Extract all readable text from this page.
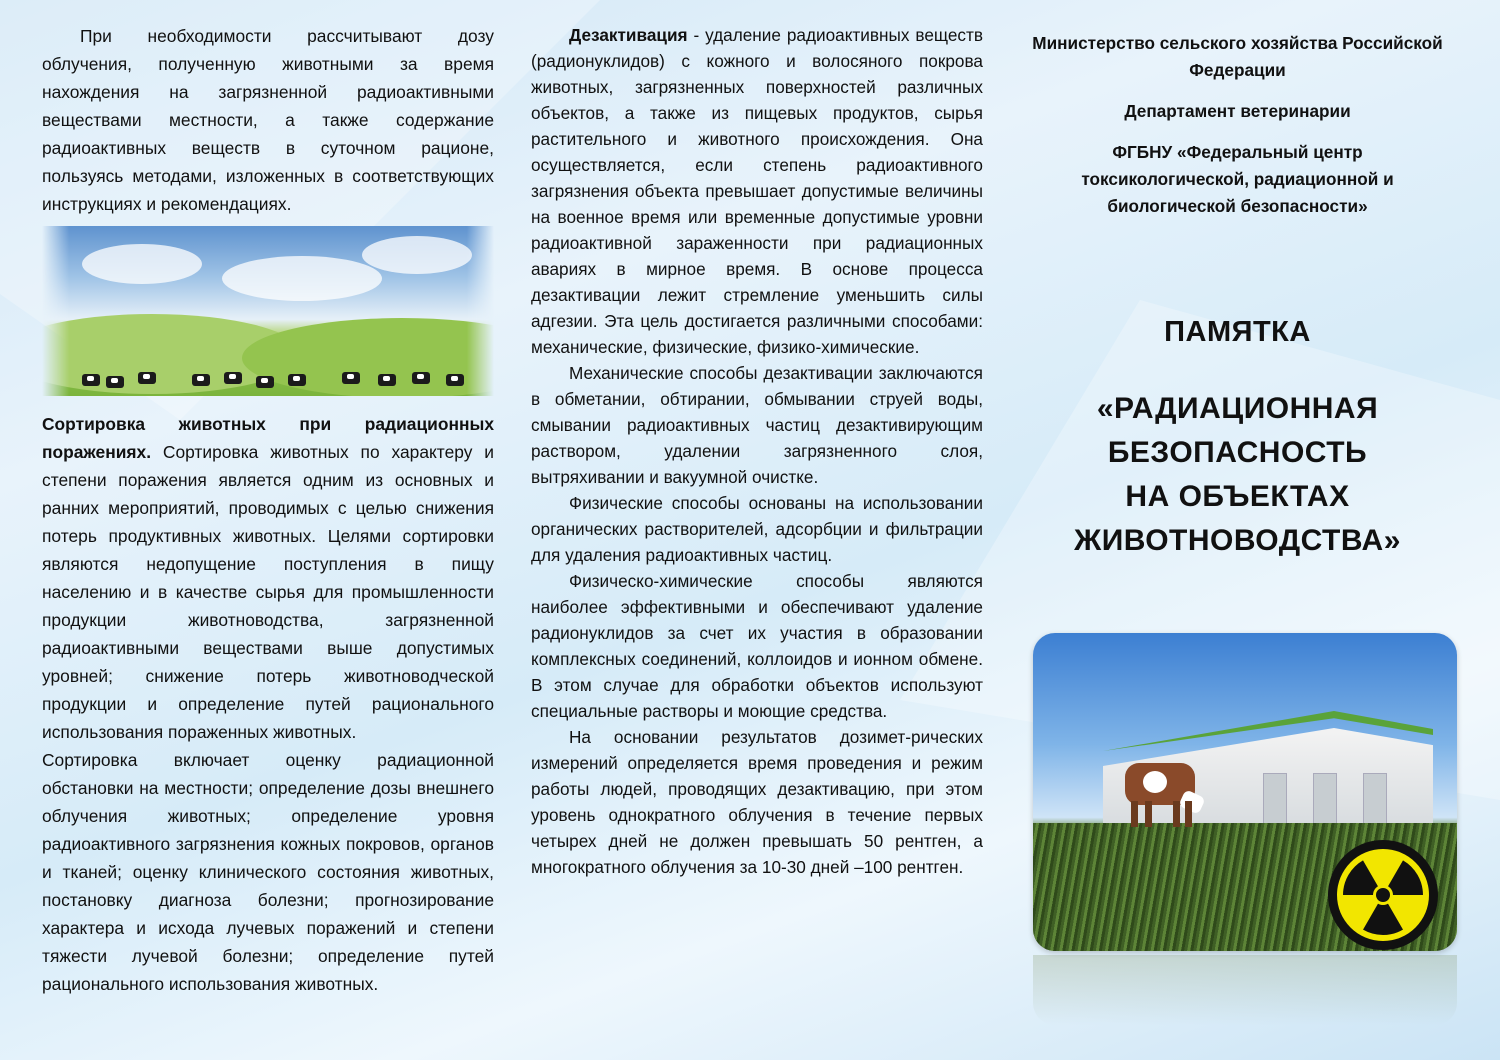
При необходимости рассчитывают дозу облучения, полученную животными за время нахождения на загрязненной радиоактивными веществами местности, а также содержание радиоактивных веществ в суточном рационе, пользуясь методами, изложенных в соответствующих инструкциях и рекомендациях.

Сортировка животных при радиационных поражениях. Сортировка животных по характеру и степени поражения является одним из основных и ранних мероприятий, проводимых с целью снижения потерь продуктивных животных. Целями сортировки являются недопущение поступления в пищу населению и в качестве сырья для промышленности продукции животноводства, загрязненной радиоактивными веществами выше допустимых уровней; снижение потерь животноводческой продукции и определение путей рационального использования пораженных животных.

Сортировка включает оценку радиационной обстановки на местности; определение дозы внешнего облучения животных; определение уровня радиоактивного загрязнения кожных покровов, органов и тканей; оценку клинического состояния животных, постановку диагноза болезни; прогнозирование характера и исхода лучевых поражений и степени тяжести лучевой болезни; определение путей рационального использования животных.

Дезактивация - удаление радиоактивных веществ (радионуклидов) с кожного и волосяного покрова животных, загрязненных поверхностей различных объектов, а также из пищевых продуктов, сырья растительного и животного происхождения. Она осуществляется, если степень радиоактивного загрязнения объекта превышает допустимые величины на военное время или временные допустимые уровни радиоактивной зараженности при радиационных авариях в мирное время. В основе процесса дезактивации лежит стремление уменьшить силы адгезии. Эта цель достигается различными способами: механические, физические, физико-химические.

Механические способы дезактивации заключаются в обметании, обтирании, обмывании струей воды, смывании радиоактивных частиц дезактивирующим раствором, удалении загрязненного слоя, вытряхивании и вакуумной очистке.

Физические способы основаны на использовании органических растворителей, адсорбции и фильтрации для удаления радиоактивных частиц.

Физическо-химические способы являются наиболее эффективными и обеспечивают удаление радионуклидов за счет их участия в образовании комплексных соединений, коллоидов и ионном обмене. В этом случае для обработки объектов используют специальные растворы и моющие средства.

На основании результатов дозимет-рических измерений определяется время проведения и режим работы людей, проводящих дезактивацию, при этом уровень однократного облучения в течение первых четырех дней не должен превышать 50 рентген, а многократного облучения за 10-30 дней –100 рентген.

Министерство сельского хозяйства Российской Федерации

Департамент ветеринарии

ФГБНУ «Федеральный центр токсикологической, радиационной и биологической безопасности»

ПАМЯТКА
«РАДИАЦИОННАЯ
БЕЗОПАСНОСТЬ
НА ОБЪЕКТАХ
ЖИВОТНОВОДСТВА»
